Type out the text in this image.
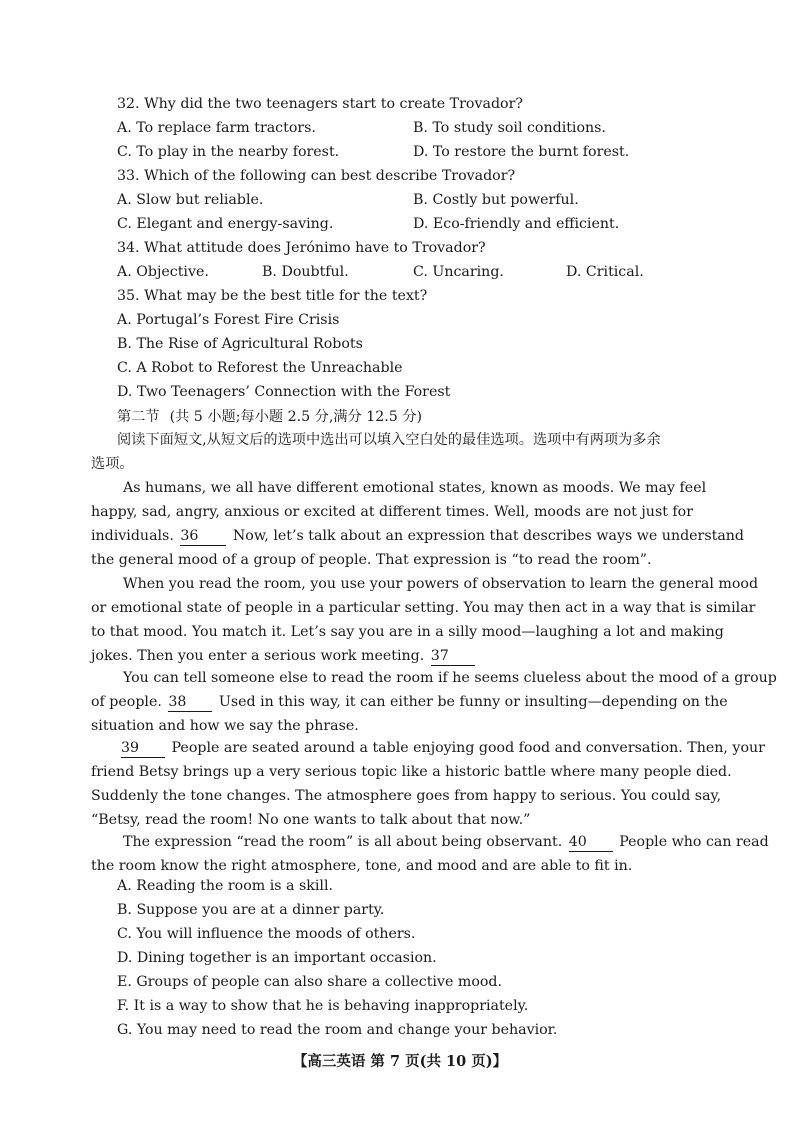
32. Why did the two teenagers start to create Trovador?
A. To replace farm tractors.	B. To study soil conditions.
C. To play in the nearby forest.	D. To restore the burnt forest.
33. Which of the following can best describe Trovador?
A. Slow but reliable.	B. Costly but powerful.
C. Elegant and energy-saving.	D. Eco-friendly and efficient.
34. What attitude does Jerónimo have to Trovador?
A. Objective.	B. Doubtful.	C. Uncaring.	D. Critical.
35. What may be the best title for the text?
A. Portugal’s Forest Fire Crisis
B. The Rise of Agricultural Robots
C. A Robot to Reforest the Unreachable
D. Two Teenagers’ Connection with the Forest
第二节 (共 5 小题;每小题 2.5 分,满分 12.5 分)
阅读下面短文,从短文后的选项中选出可以填入空白处的最佳选项。选项中有两项为多余
选项。
As humans, we all have different emotional states, known as moods. We may feel
happy, sad, angry, anxious or excited at different times. Well, moods are not just for
individuals. 36 Now, let’s talk about an expression that describes ways we understand
the general mood of a group of people. That expression is “to read the room”.
When you read the room, you use your powers of observation to learn the general mood
or emotional state of people in a particular setting. You may then act in a way that is similar
to that mood. You match it. Let’s say you are in a silly mood—laughing a lot and making
jokes. Then you enter a serious work meeting. 37
You can tell someone else to read the room if he seems clueless about the mood of a group
of people. 38 Used in this way, it can either be funny or insulting—depending on the
situation and how we say the phrase.
39 People are seated around a table enjoying good food and conversation. Then, your
friend Betsy brings up a very serious topic like a historic battle where many people died.
Suddenly the tone changes. The atmosphere goes from happy to serious. You could say,
“Betsy, read the room! No one wants to talk about that now.”
The expression “read the room” is all about being observant. 40 People who can read
the room know the right atmosphere, tone, and mood and are able to fit in.
A. Reading the room is a skill.
B. Suppose you are at a dinner party.
C. You will influence the moods of others.
D. Dining together is an important occasion.
E. Groups of people can also share a collective mood.
F. It is a way to show that he is behaving inappropriately.
G. You may need to read the room and change your behavior.
【高三英语 第 7 页(共 10 页)】
